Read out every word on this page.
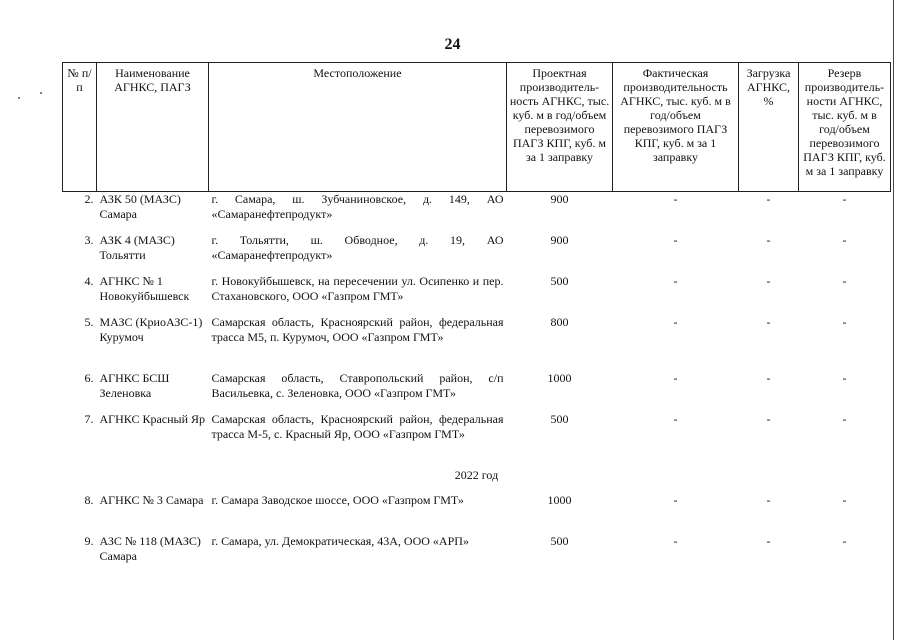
24
№ п/п	Наименование АГНКС, ПАГЗ	Местоположение	Проектная производитель-ность АГНКС, тыс. куб. м в год/объем перевозимого ПАГЗ КПГ, куб. м за 1 заправку	Фактическая производительность АГНКС, тыс. куб. м в год/объем перевозимого ПАГЗ КПГ, куб. м за 1 заправку	Загрузка АГНКС, %	Резерв производитель-ности АГНКС, тыс. куб. м в год/объем перевозимого ПАГЗ КПГ, куб. м за 1 заправку
2.	АЗК 50 (МАЗС) Самара	г. Самара, ш. Зубчаниновское, д. 149, АО «Самаранефтепродукт»	900	-	-	-
3.	АЗК 4 (МАЗС) Тольятти	г. Тольятти, ш. Обводное, д. 19, АО «Самаранефтепродукт»	900	-	-	-
4.	АГНКС № 1 Новокуйбышевск	г. Новокуйбышевск, на пересечении ул. Осипенко и пер. Стахановского, ООО «Газпром ГМТ»	500	-	-	-
5.	МАЗС (КриоАЗС-1) Курумоч	Самарская область, Красноярский район, федеральная трасса М5, п. Курумоч, ООО «Газпром ГМТ»	800	-	-	-
6.	АГНКС БСШ Зеленовка	Самарская область, Ставропольский район, с/п Васильевка, с. Зеленовка, ООО «Газпром ГМТ»	1000	-	-	-
7.	АГНКС Красный Яр	Самарская область, Красноярский район, федеральная трасса М-5, с. Красный Яр, ООО «Газпром ГМТ»	500	-	-	-
2022 год						
8.	АГНКС № 3 Самара	г. Самара Заводское шоссе, ООО «Газпром ГМТ»	1000	-	-	-
9.	АЗС № 118 (МАЗС) Самара	г. Самара, ул. Демократическая, 43А, ООО «АРП»	500	-	-	-
